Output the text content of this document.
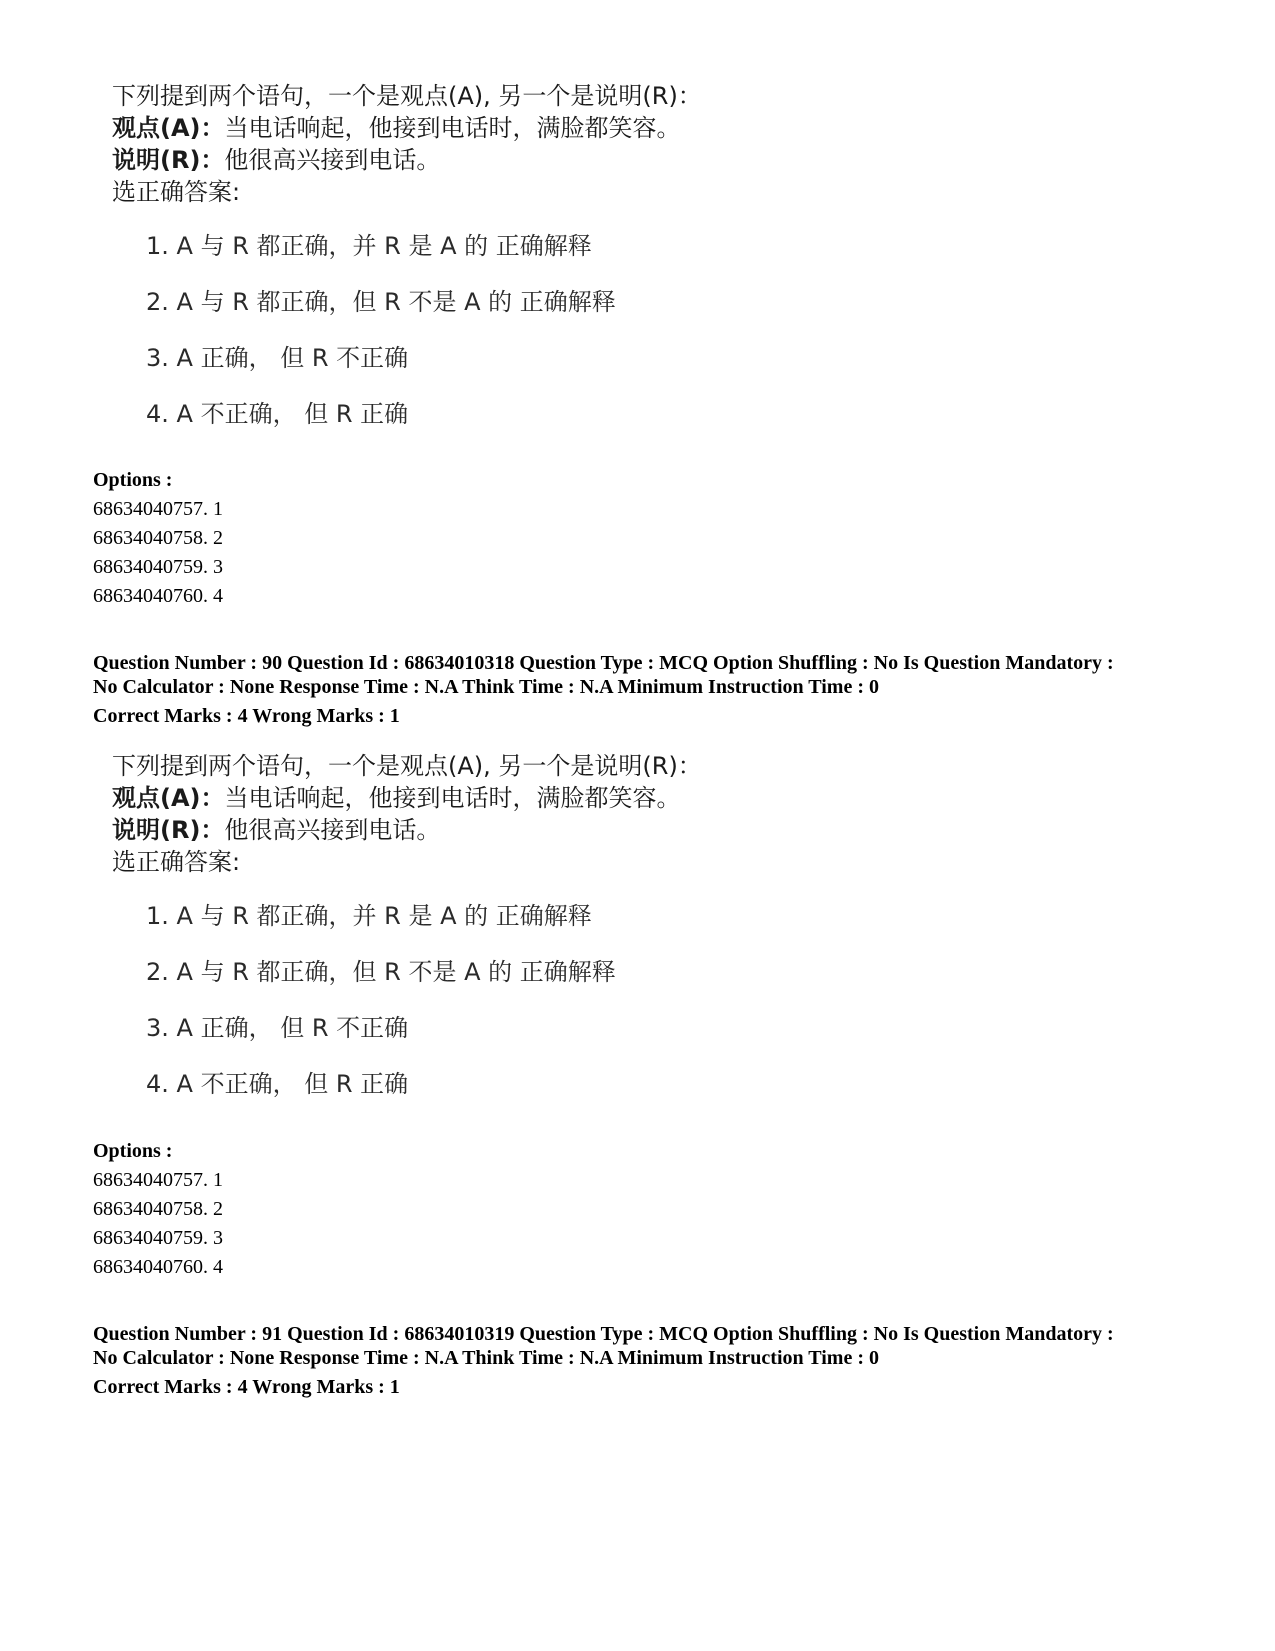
下列提到两个语句，一个是观点(A), 另一个是说明(R)：
观点(A)：当电话响起，他接到电话时，满脸都笑容。
说明(R)：他很高兴接到电话。
选正确答案:
1. A 与 R 都正确，并 R 是 A 的 正确解释
2. A 与 R 都正确，但 R 不是 A 的 正确解释
3. A 正确， 但 R 不正确
4. A 不正确， 但 R 正确
Options :
68634040757. 1
68634040758. 2
68634040759. 3
68634040760. 4
Question Number : 90 Question Id : 68634010318 Question Type : MCQ Option Shuffling : No Is Question Mandatory :
No Calculator : None Response Time : N.A Think Time : N.A Minimum Instruction Time : 0
Correct Marks : 4 Wrong Marks : 1
下列提到两个语句，一个是观点(A), 另一个是说明(R)：
观点(A)：当电话响起，他接到电话时，满脸都笑容。
说明(R)：他很高兴接到电话。
选正确答案:
1. A 与 R 都正确，并 R 是 A 的 正确解释
2. A 与 R 都正确，但 R 不是 A 的 正确解释
3. A 正确， 但 R 不正确
4. A 不正确， 但 R 正确
Options :
68634040757. 1
68634040758. 2
68634040759. 3
68634040760. 4
Question Number : 91 Question Id : 68634010319 Question Type : MCQ Option Shuffling : No Is Question Mandatory :
No Calculator : None Response Time : N.A Think Time : N.A Minimum Instruction Time : 0
Correct Marks : 4 Wrong Marks : 1
